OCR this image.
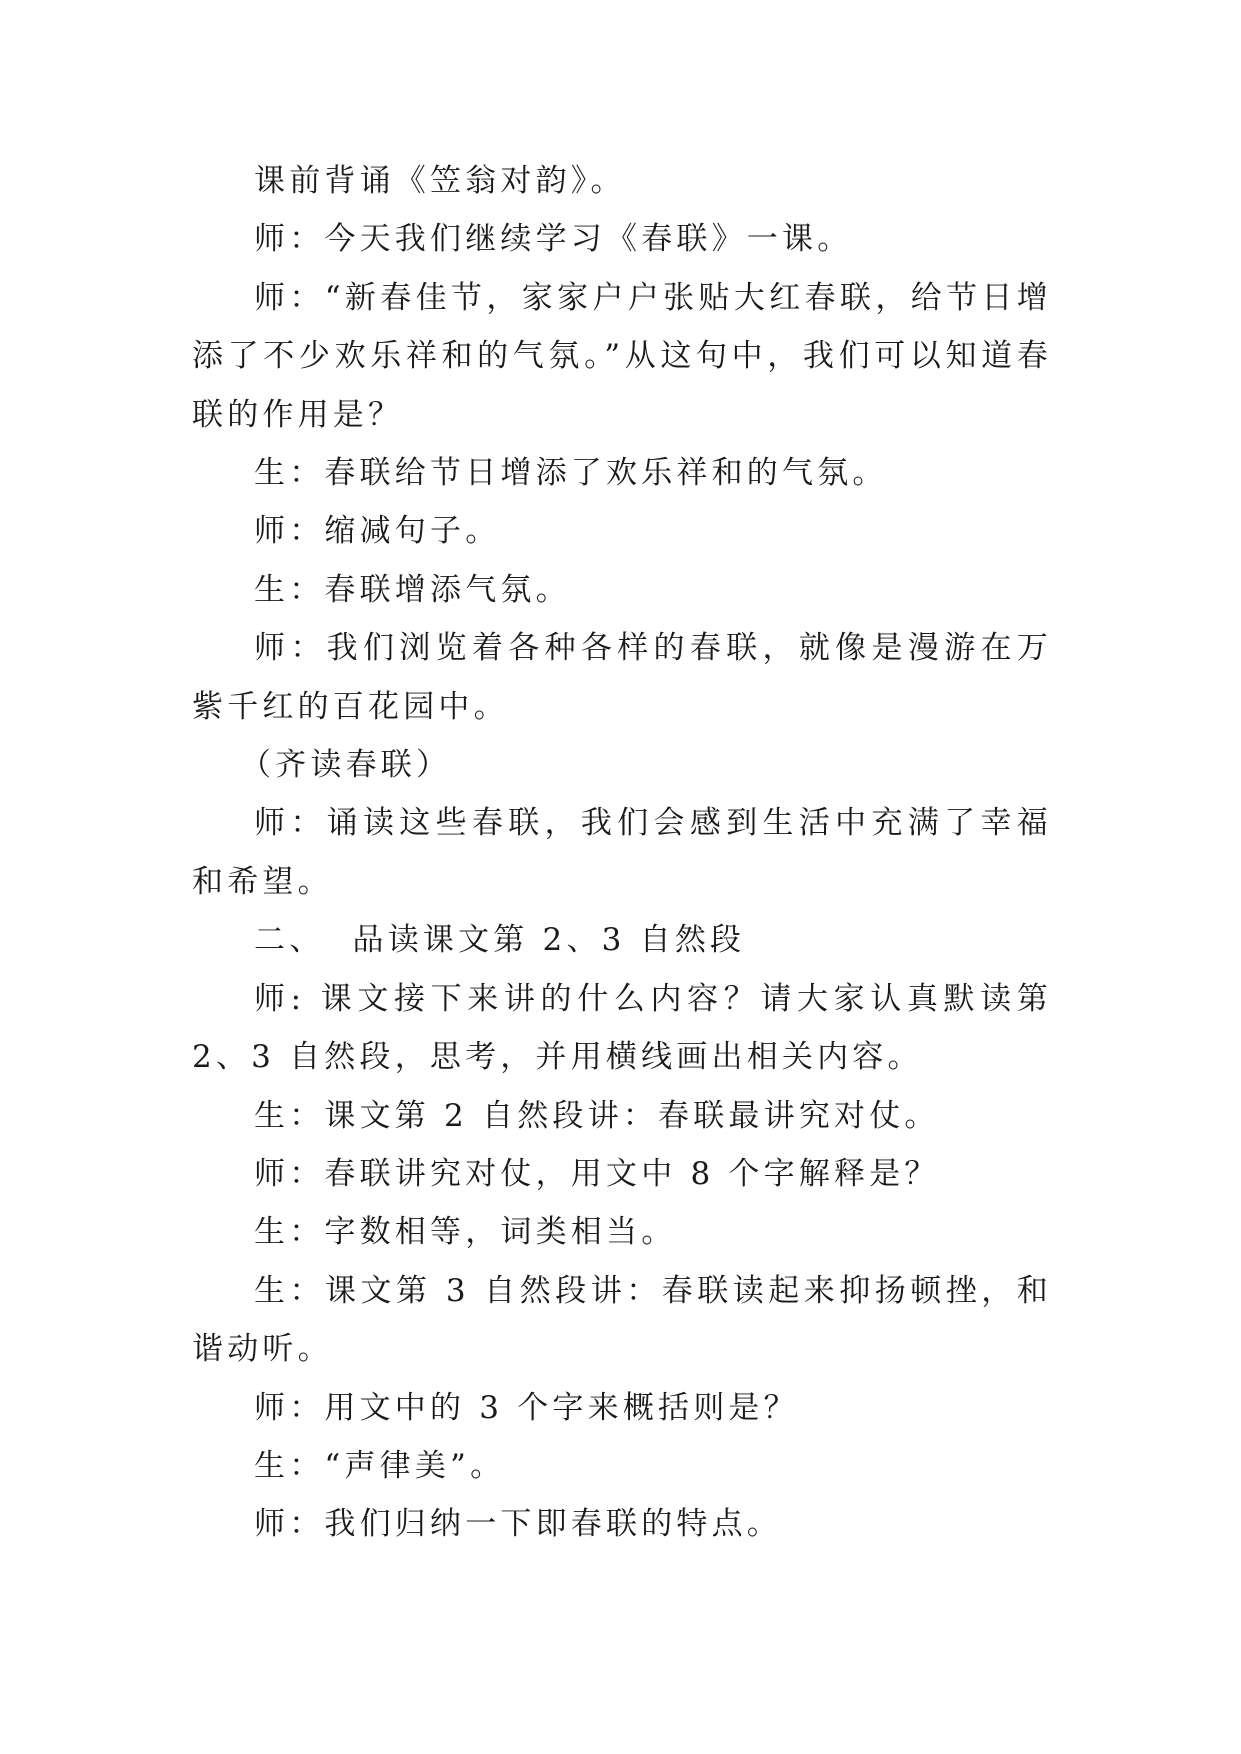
课前背诵《笠翁对韵》。

师：今天我们继续学习《春联》一课。

师：“新春佳节，家家户户张贴大红春联，给节日增添了不少欢乐祥和的气氛。”从这句中，我们可以知道春联的作用是？

生：春联给节日增添了欢乐祥和的气氛。

师：缩减句子。

生：春联增添气氛。

师：我们浏览着各种各样的春联，就像是漫游在万紫千红的百花园中。

（齐读春联）

师：诵读这些春联，我们会感到生活中充满了幸福和希望。

二、  品读课文第 2、3 自然段

师: 课文接下来讲的什么内容？请大家认真默读第 2、3 自然段，思考，并用横线画出相关内容。

生：课文第 2 自然段讲：春联最讲究对仗。

师：春联讲究对仗，用文中 8 个字解释是？

生：字数相等，词类相当。

生：课文第 3 自然段讲：春联读起来抑扬顿挫，和谐动听。

师：用文中的 3 个字来概括则是？

生：“声律美”。

师：我们归纳一下即春联的特点。
